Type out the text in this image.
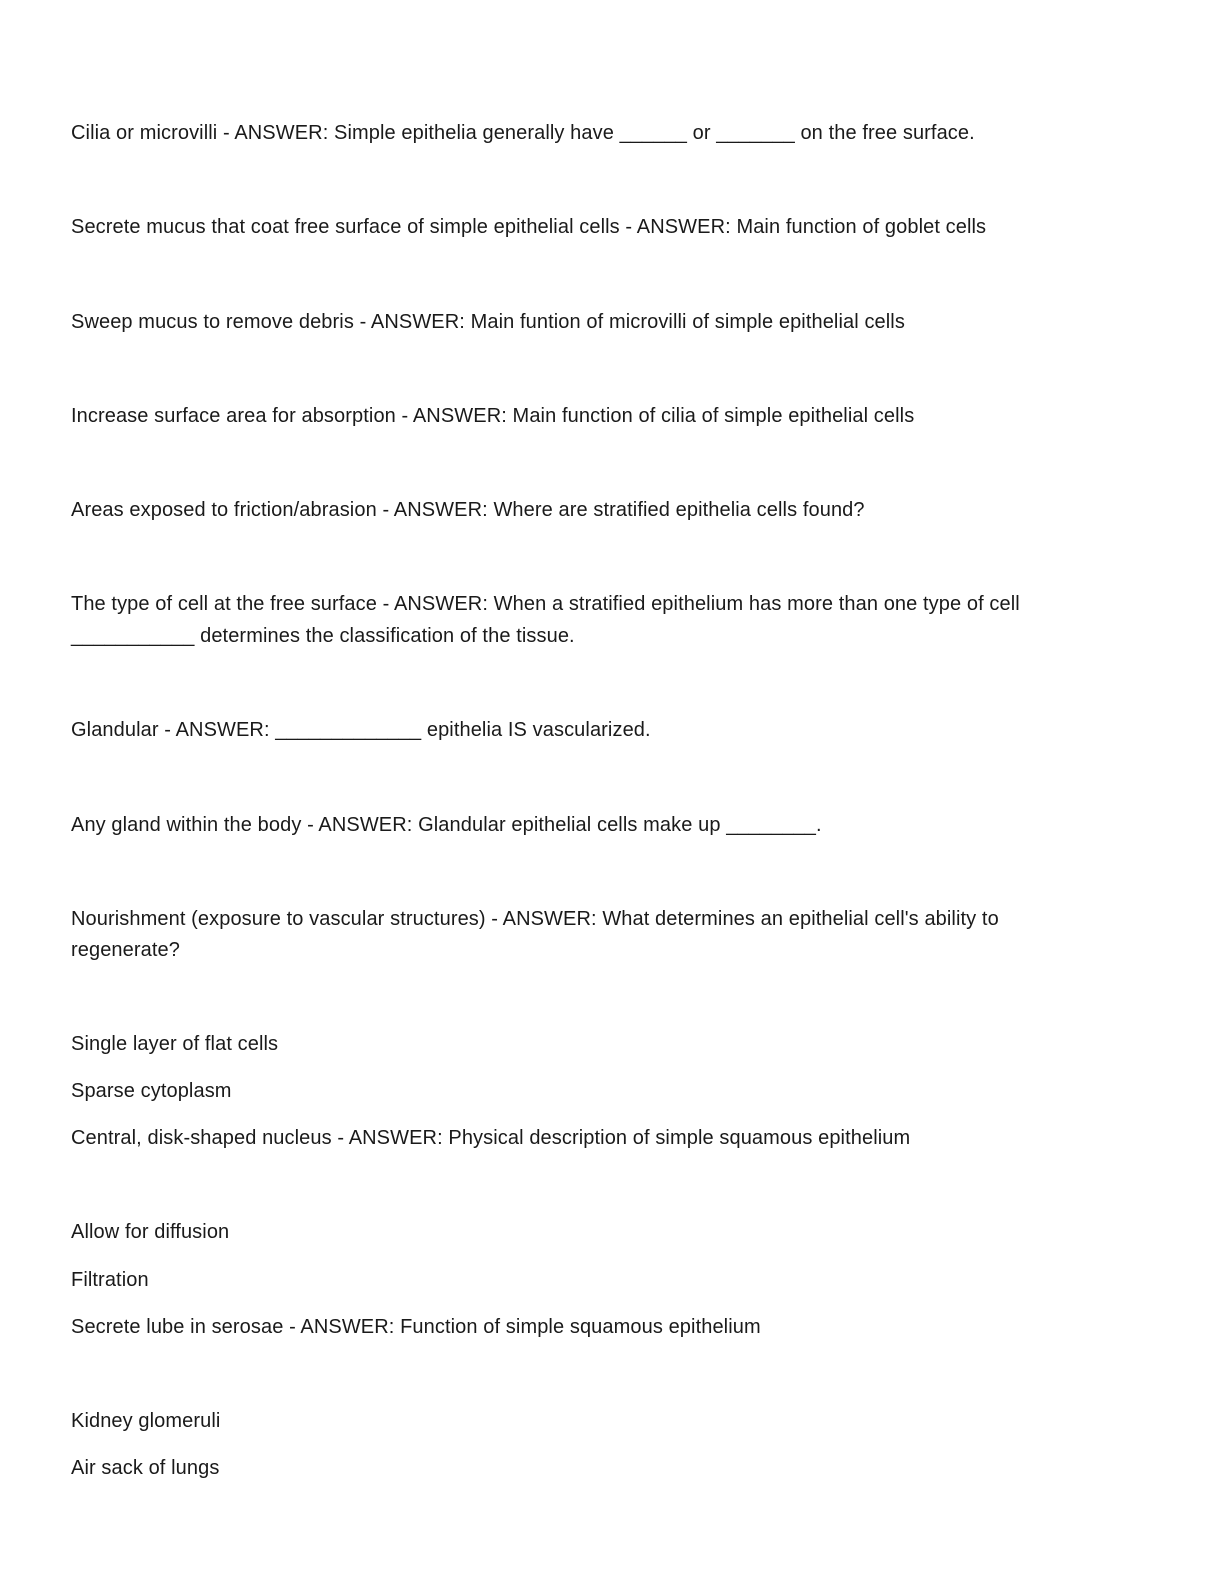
Cilia or microvilli - ANSWER: Simple epithelia generally have ______ or _______ on the free surface.
Secrete mucus that coat free surface of simple epithelial cells - ANSWER: Main function of goblet cells
Sweep mucus to remove debris - ANSWER: Main funtion of microvilli of simple epithelial cells
Increase surface area for absorption - ANSWER: Main function of cilia of simple epithelial cells
Areas exposed to friction/abrasion - ANSWER: Where are stratified epithelia cells found?
The type of cell at the free surface - ANSWER: When a stratified epithelium has more than one type of cell
___________ determines the classification of the tissue.
Glandular - ANSWER: _____________ epithelia IS vascularized.
Any gland within the body - ANSWER: Glandular epithelial cells make up ________.
Nourishment (exposure to vascular structures) - ANSWER: What determines an epithelial cell's ability to
regenerate?
Single layer of flat cells
Sparse cytoplasm
Central, disk-shaped nucleus - ANSWER: Physical description of simple squamous epithelium
Allow for diffusion
Filtration
Secrete lube in serosae - ANSWER: Function of simple squamous epithelium
Kidney glomeruli
Air sack of lungs
